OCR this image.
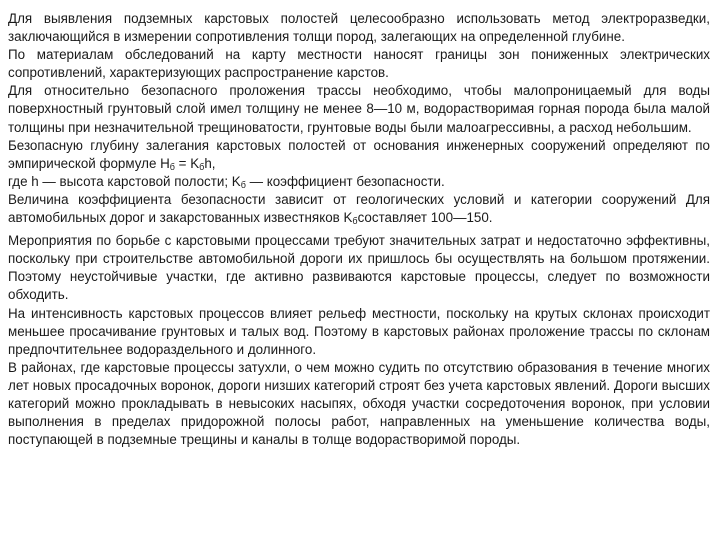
Для выявления подземных карстовых полостей целесообразно использовать метод электроразведки, заключающийся в измерении сопротивления толщи пород, залегающих на определенной глубине.

По материалам обследований на карту местности наносят границы зон пониженных электрических сопротивлений, характеризующих распространение карстов.

Для относительно безопасного проложения трассы необходимо, чтобы малопроницаемый для воды поверхностный грунтовый слой имел толщину не менее 8—10 м, водорастворимая горная порода была малой толщины при незначительной трещиноватости, грунтовые воды были малоагрессивны, а расход небольшим.

Безопасную глубину залегания карстовых полостей от основания инженерных сооружений определяют по эмпирической формуле $H_б = K_бh$,

где h — высота карстовой полости; $K_б$ — коэффициент безопасности.

Величина коэффициента безопасности зависит от геологических условий и категории сооружений Для автомобильных дорог и закарстованных известняков $K_бсоставляет$ 100—150.

Мероприятия по борьбе с карстовыми процессами требуют значительных затрат и недостаточно эффективны, поскольку при строительстве автомобильной дороги их пришлось бы осуществлять на большом протяжении. Поэтому неустойчивые участки, где активно развиваются карстовые процессы, следует по возможности обходить.

На интенсивность карстовых процессов влияет рельеф местности, поскольку на крутых склонах происходит меньшее просачивание грунтовых и талых вод. Поэтому в карстовых районах проложение трассы по склонам предпочтительнее водораздельного и долинного.

В районах, где карстовые процессы затухли, о чем можно судить по отсутствию образования в течение многих лет новых просадочных воронок, дороги низших категорий строят без учета карстовых явлений. Дороги высших категорий можно прокладывать в невысоких насыпях, обходя участки сосредоточения воронок, при условии выполнения в пределах придорожной полосы работ, направленных на уменьшение количества воды, поступающей в подземные трещины и каналы в толще водорастворимой породы.
